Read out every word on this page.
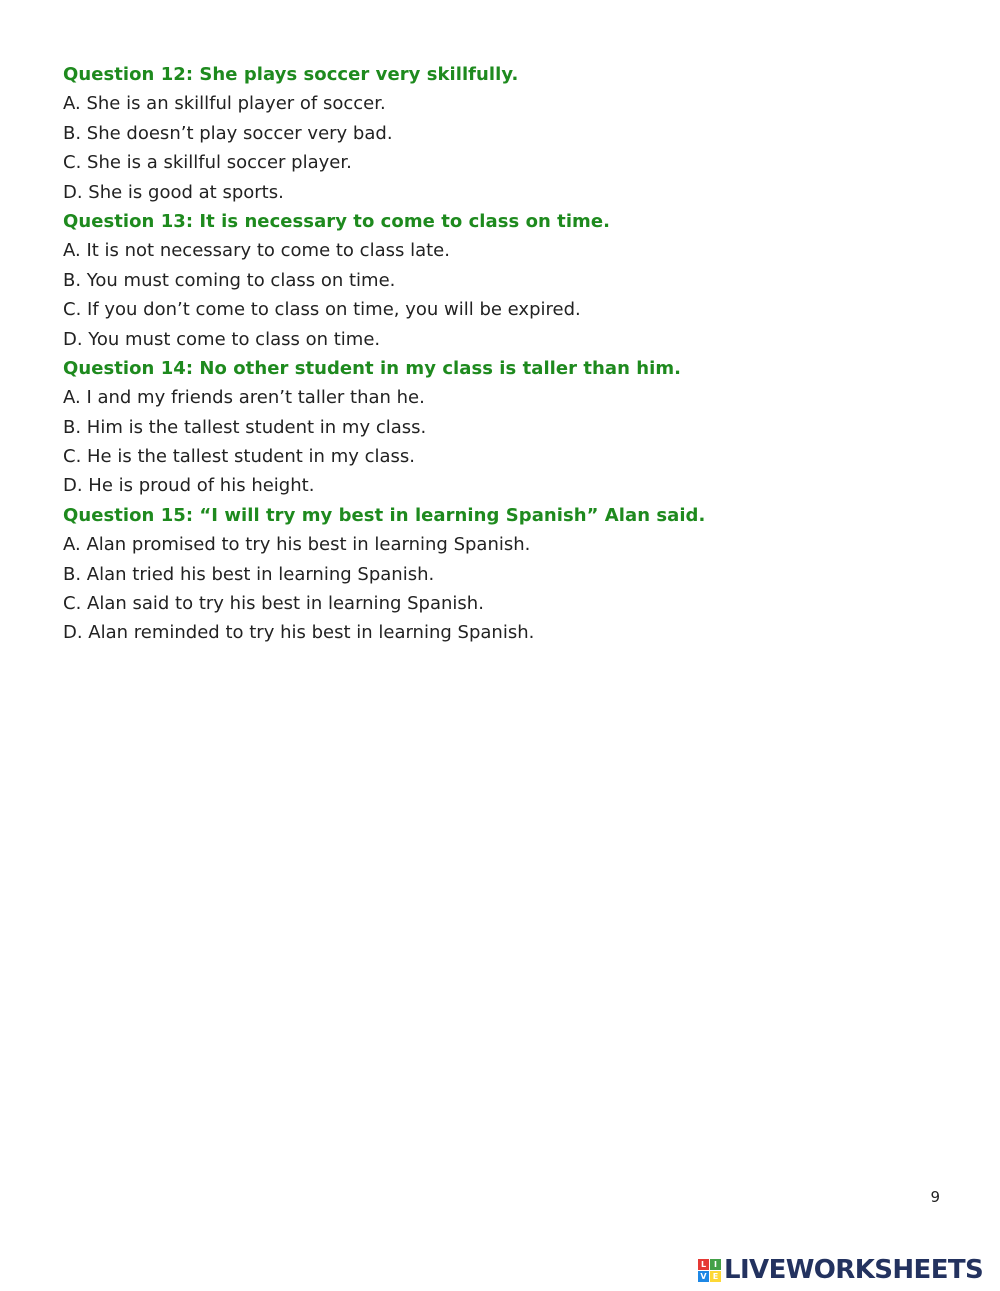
Question 12: She plays soccer very skillfully.
A. She is an skillful player of soccer.
B. She doesn’t play soccer very bad.
C. She is a skillful soccer player.
D. She is good at sports.
Question 13: It is necessary to come to class on time.
A. It is not necessary to come to class late.
B. You must coming to class on time.
C. If you don’t come to class on time, you will be expired.
D. You must come to class on time.
Question 14: No other student in my class is taller than him.
A. I and my friends aren’t taller than he.
B. Him is the tallest student in my class.
C. He is the tallest student in my class.
D. He is proud of his height.
Question 15: “I will try my best in learning Spanish” Alan said.
A. Alan promised to try his best in learning Spanish.
B. Alan tried his best in learning Spanish.
C. Alan said to try his best in learning Spanish.
D. Alan reminded to try his best in learning Spanish.
9
L I
V E LIVEWORKSHEETS
